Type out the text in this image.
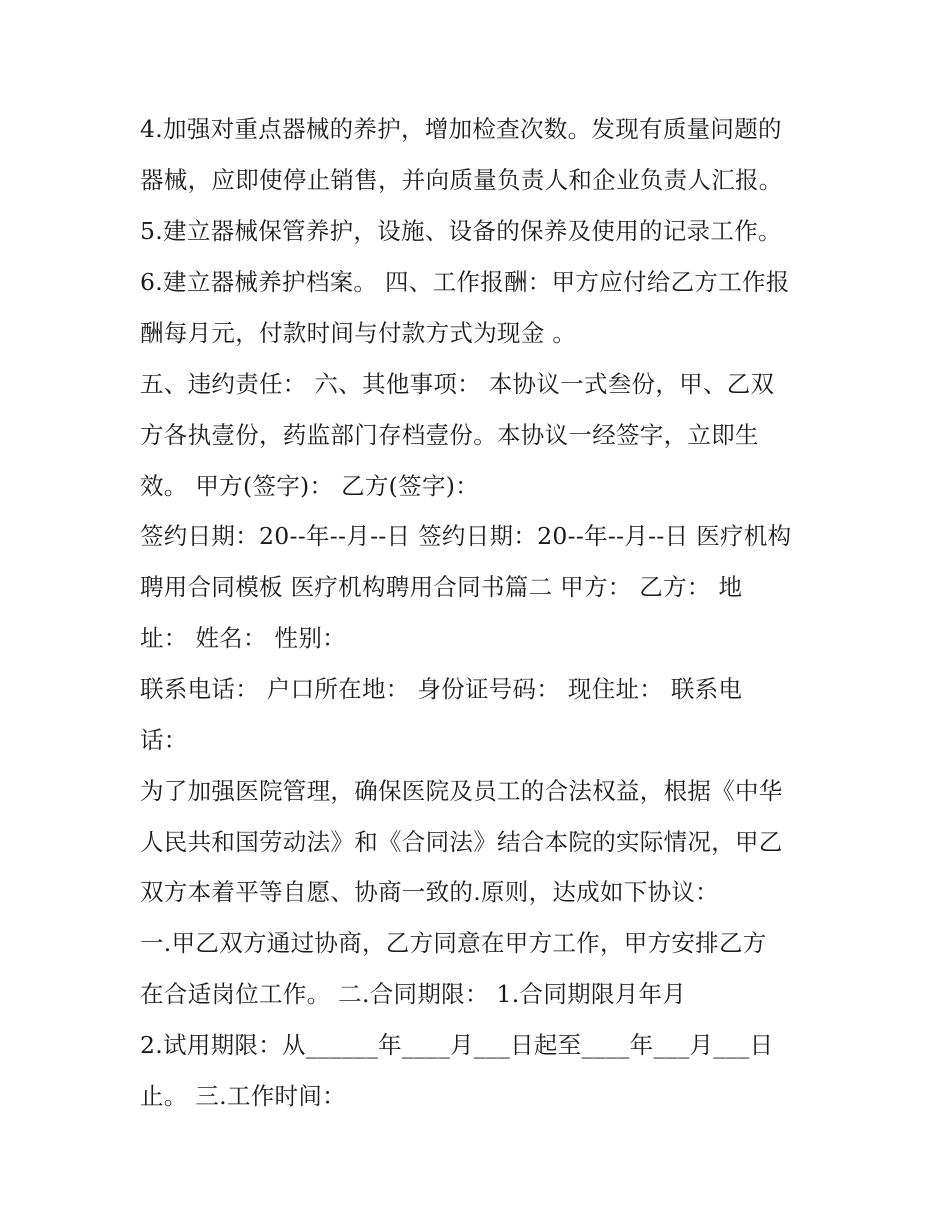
4.加强对重点器械的养护，增加检查次数。发现有质量问题的
器械，应即使停止销售，并向质量负责人和企业负责人汇报。
5.建立器械保管养护，设施、设备的保养及使用的记录工作。
6.建立器械养护档案。 四、工作报酬：甲方应付给乙方工作报
酬每月元，付款时间与付款方式为现金 。
五、违约责任： 六、其他事项： 本协议一式叁份，甲、乙双
方各执壹份，药监部门存档壹份。本协议一经签字，立即生
效。 甲方(签字)： 乙方(签字)：
签约日期：20--年--月--日 签约日期：20--年--月--日 医疗机构
聘用合同模板 医疗机构聘用合同书篇二 甲方： 乙方： 地
址： 姓名： 性别：
联系电话： 户口所在地： 身份证号码： 现住址： 联系电
话：
为了加强医院管理，确保医院及员工的合法权益，根据《中华
人民共和国劳动法》和《合同法》结合本院的实际情况，甲乙
双方本着平等自愿、协商一致的.原则，达成如下协议：
一.甲乙双方通过协商，乙方同意在甲方工作，甲方安排乙方
在合适岗位工作。 二.合同期限： 1.合同期限月年月
2.试用期限：从______年____月___日起至____年___月___日
止。 三.工作时间：
